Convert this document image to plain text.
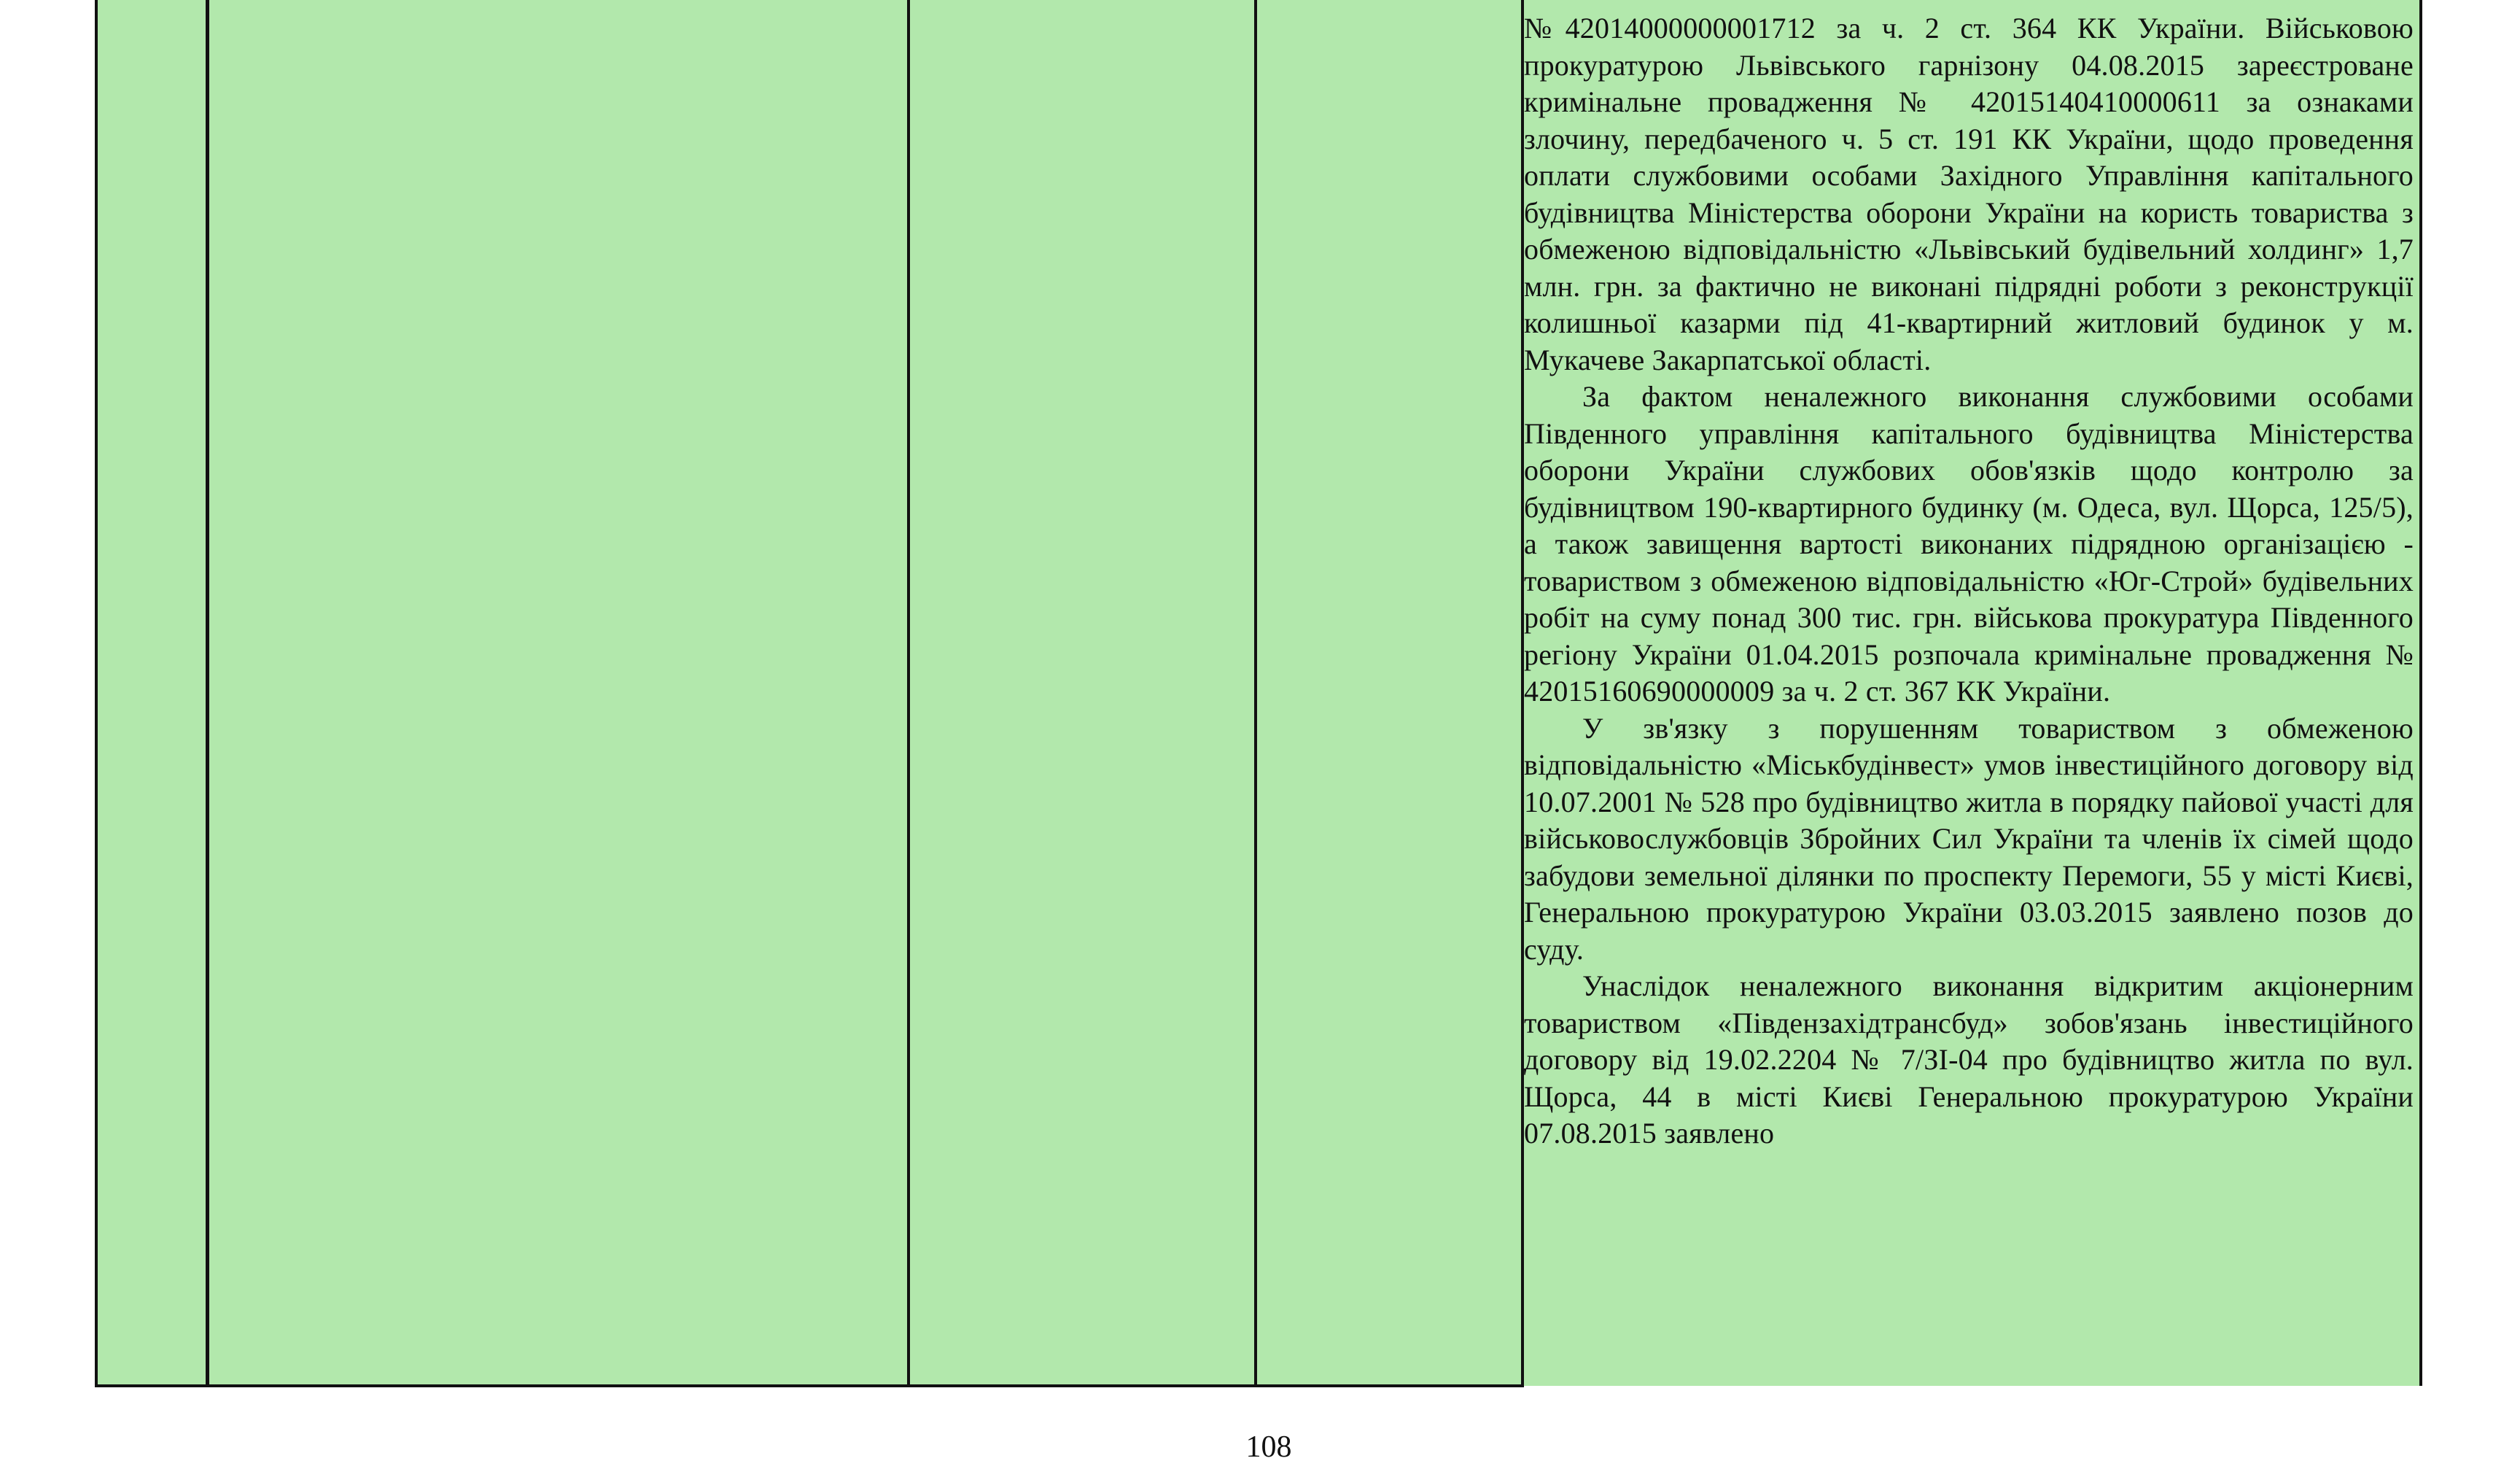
№42014000000001712 за ч. 2 ст. 364 КК України. Військовою прокуратурою Львівського гарнізону 04.08.2015 зареєстроване кримінальне провадження № 42015140410000611 за ознаками злочину, передбаченого ч. 5 ст. 191 КК України, щодо проведення оплати службовими особами Західного Управління капітального будівництва Міністерства оборони України на користь товариства з обмеженою відповідальністю «Львівський будівельний холдинг» 1,7 млн. грн. за фактично не виконані підрядні роботи з реконструкції колишньої казарми під 41-квартирний житловий будинок у м. Мукачеве Закарпатської області.

За фактом неналежного виконання службовими особами Південного управління капітального будівництва Міністерства оборони України службових обов'язків щодо контролю за будівництвом 190-квартирного будинку (м. Одеса, вул. Щорса, 125/5), а також завищення вартості виконаних підрядною організацією - товариством з обмеженою відповідальністю «Юг-Строй» будівельних робіт на суму понад 300 тис. грн. військова прокуратура Південного регіону України 01.04.2015 розпочала кримінальне провадження № 42015160690000009 за ч. 2 ст. 367 КК України.

У зв'язку з порушенням товариством з обмеженою відповідальністю «Міськбудінвест» умов інвестиційного договору від 10.07.2001 № 528 про будівництво житла в порядку пайової участі для військовослужбовців Збройних Сил України та членів їх сімей щодо забудови земельної ділянки по проспекту Перемоги, 55 у місті Києві, Генеральною прокуратурою України 03.03.2015 заявлено позов до суду.

Унаслідок неналежного виконання відкритим акціонерним товариством «Південзахідтрансбуд» зобов'язань інвестиційного договору від 19.02.2204 № 7/ЗІ-04 про будівництво житла по вул. Щорса, 44 в місті Києві Генеральною прокуратурою України 07.08.2015 заявлено

108
